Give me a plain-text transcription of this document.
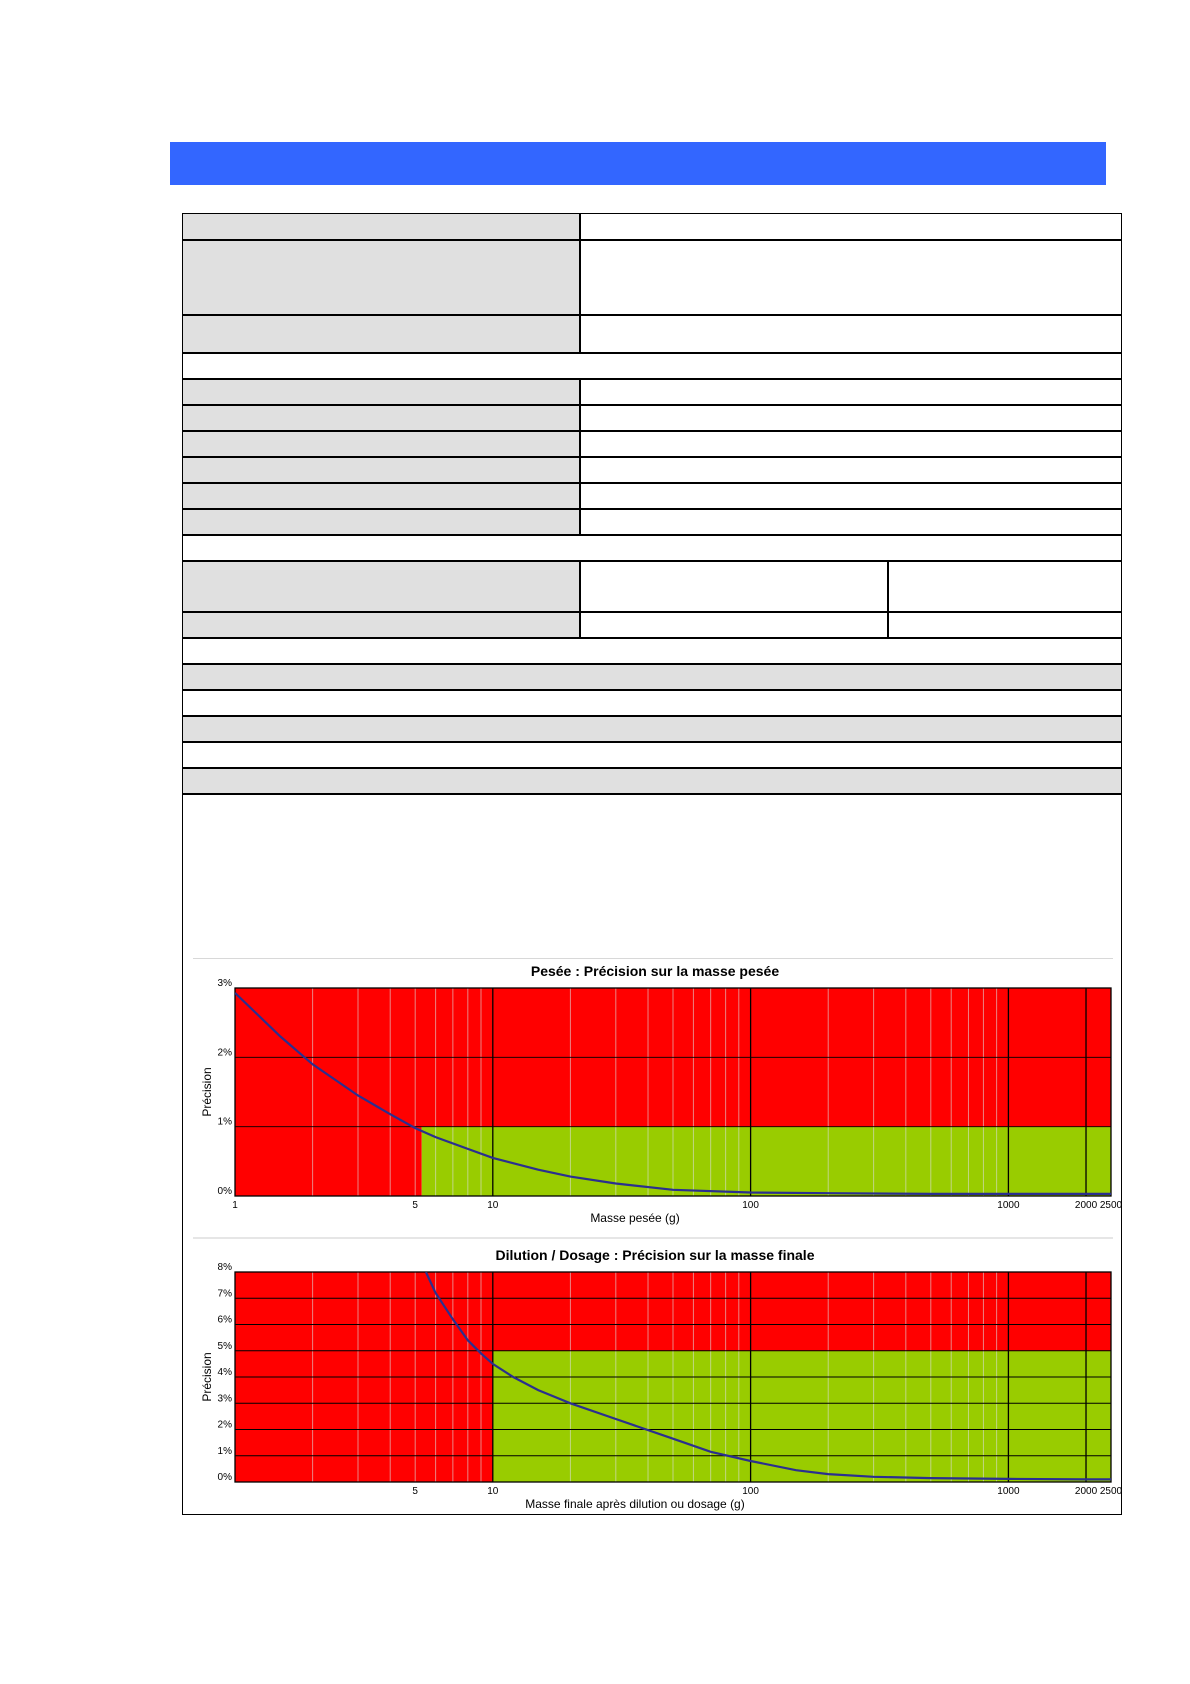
1	5	10	100	1000	2000 2500
0%
1%
2%
3%
Pesée : Précision sur la masse pesée
Masse pesée (g)
Précision
5	10	100	1000	2000 2500
0%
1%
2%
3%
4%
5%
6%
7%
8%
Dilution / Dosage : Précision sur la masse finale
Masse finale après dilution ou dosage (g)
Précision
